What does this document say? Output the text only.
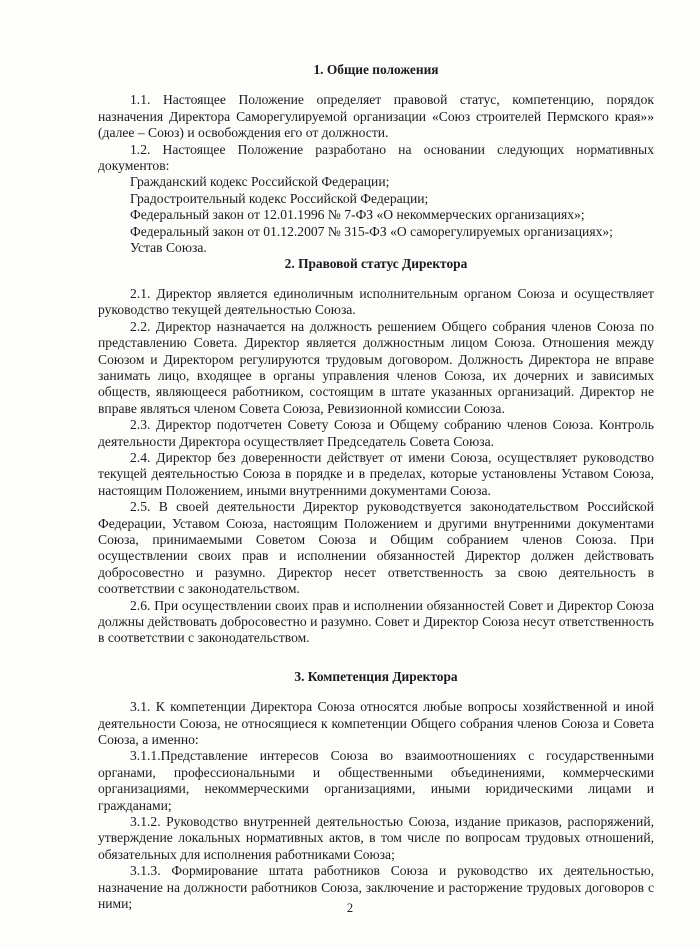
1. Общие положения

1.1. Настоящее Положение определяет правовой статус, компетенцию, порядок назначения Директора Саморегулируемой организации «Союз строителей Пермского края»» (далее – Союз) и освобождения его от должности.

1.2. Настоящее Положение разработано на основании следующих нормативных документов:

Гражданский кодекс Российской Федерации;

Градостроительный кодекс Российской Федерации;

Федеральный закон от 12.01.1996 № 7-ФЗ «О некоммерческих организациях»;

Федеральный закон от 01.12.2007 № 315-ФЗ «О саморегулируемых организациях»;

Устав Союза.

2. Правовой статус Директора

2.1. Директор является единоличным исполнительным органом Союза и осуществляет руководство текущей деятельностью Союза.

2.2. Директор назначается на должность решением Общего собрания членов Союза по представлению Совета. Директор является должностным лицом Союза. Отношения между Союзом и Директором регулируются трудовым договором. Должность Директора не вправе занимать лицо, входящее в органы управления членов Союза, их дочерних и зависимых обществ, являющееся работником, состоящим в штате указанных организаций. Директор не вправе являться членом Совета Союза, Ревизионной комиссии Союза.

2.3. Директор подотчетен Совету Союза и Общему собранию членов Союза. Контроль деятельности Директора осуществляет Председатель Совета Союза.

2.4. Директор без доверенности действует от имени Союза, осуществляет руководство текущей деятельностью Союза в порядке и в пределах, которые установлены Уставом Союза, настоящим Положением, иными внутренними документами Союза.

2.5. В своей деятельности Директор руководствуется законодательством Российской Федерации, Уставом Союза, настоящим Положением и другими внутренними документами Союза, принимаемыми Советом Союза и Общим собранием членов Союза. При осуществлении своих прав и исполнении обязанностей Директор должен действовать добросовестно и разумно. Директор несет ответственность за свою деятельность в соответствии с законодательством.

2.6. При осуществлении своих прав и исполнении обязанностей Совет и Директор Союза должны действовать добросовестно и разумно. Совет и Директор Союза несут ответственность в соответствии с законодательством.

3. Компетенция Директора

3.1. К компетенции Директора Союза относятся любые вопросы хозяйственной и иной деятельности Союза, не относящиеся к компетенции Общего собрания членов Союза и Совета Союза, а именно:

3.1.1.Представление интересов Союза во взаимоотношениях с государственными органами, профессиональными и общественными объединениями, коммерческими организациями, некоммерческими организациями, иными юридическими лицами и гражданами;

3.1.2. Руководство внутренней деятельностью Союза, издание приказов, распоряжений, утверждение локальных нормативных актов, в том числе по вопросам трудовых отношений, обязательных для исполнения работниками Союза;

3.1.3. Формирование штата работников Союза и руководство их деятельностью, назначение на должности работников Союза, заключение и расторжение трудовых договоров с ними;	2
